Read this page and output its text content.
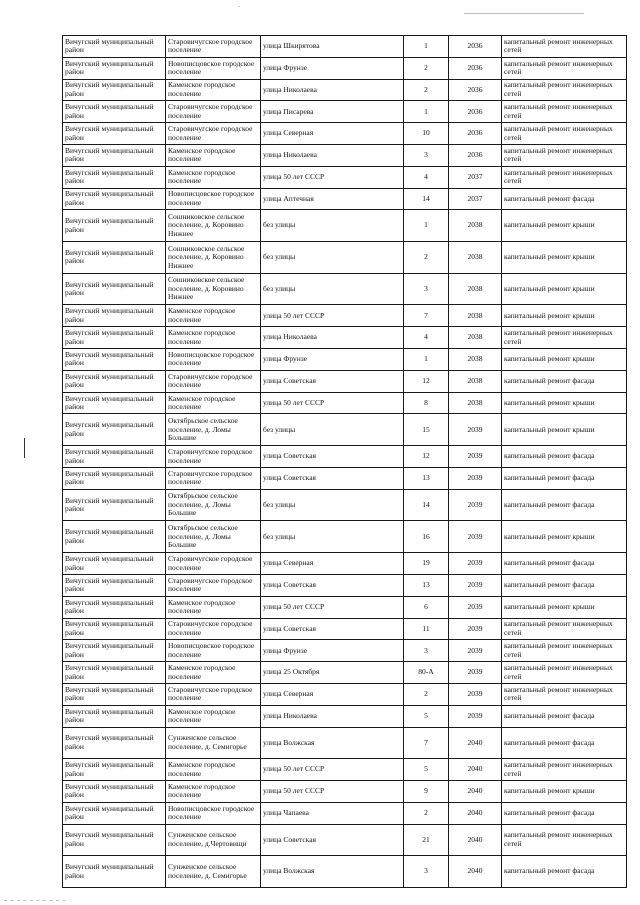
-
Вичугский муниципальный район	Старовичугское городское поселение	улица Шкирятова	1	2036	капитальный ремонт инженерных сетей
Вичугский муниципальный район	Новописцовское городское поселение	улица Фрунзе	2	2036	капитальный ремонт инженерных сетей
Вичугский муниципальный район	Каменское городское поселение	улица Николаева	2	2036	капитальный ремонт инженерных сетей
Вичугский муниципальный район	Старовичугское городское поселение	улица Писарева	1	2036	капитальный ремонт инженерных сетей
Вичугский муниципальный район	Старовичугское городское поселение	улица Северная	10	2036	капитальный ремонт инженерных сетей
Вичугский муниципальный район	Каменское городское поселение	улица Николаева	3	2036	капитальный ремонт инженерных сетей
Вичугский муниципальный район	Каменское городское поселение	улица 50 лет СССР	4	2037	капитальный ремонт инженерных сетей
Вичугский муниципальный район	Новописцовское городское поселение	улица Аптечная	14	2037	капитальный ремонт фасада
Вичугский муниципальный район	Сошниковское сельское поселение, д. Коровино Нижнее	без улицы	1	2038	капитальный ремонт крыши
Вичугский муниципальный район	Сошниковское сельское поселение, д. Коровино Нижнее	без улицы	2	2038	капитальный ремонт крыши
Вичугский муниципальный район	Сошниковское сельское поселение, д. Коровино Нижнее	без улицы	3	2038	капитальный ремонт крыши
Вичугский муниципальный район	Каменское городское поселение	улица 50 лет СССР	7	2038	капитальный ремонт крыши
Вичугский муниципальный район	Каменское городское поселение	улица Николаева	4	2038	капитальный ремонт инженерных сетей
Вичугский муниципальный район	Новописцовское городское поселение	улица Фрунзе	1	2038	капитальный ремонт крыши
Вичугский муниципальный район	Старовичугское городское поселение	улица Советская	12	2038	капитальный ремонт фасада
Вичугский муниципальный район	Каменское городское поселение	улица 50 лет СССР	8	2038	капитальный ремонт крыши
Вичугский муниципальный район	Октябрьское сельское поселение, д. Ломы Большие	без улицы	15	2039	капитальный ремонт крыши
Вичугский муниципальный район	Старовичугское городское поселение	улица Советская	12	2039	капитальный ремонт фасада
Вичугский муниципальный район	Старовичугское городское поселение	улица Советская	13	2039	капитальный ремонт фасада
Вичугский муниципальный район	Октябрьское сельское поселение, д. Ломы Большие	без улицы	14	2039	капитальный ремонт фасада
Вичугский муниципальный район	Октябрьское сельское поселение, д. Ломы Большие	без улицы	16	2039	капитальный ремонт крыши
Вичугский муниципальный район	Старовичугское городское поселение	улица Северная	19	2039	капитальный ремонт фасада
Вичугский муниципальный район	Старовичугское городское поселение	улица Советская	13	2039	капитальный ремонт фасада
Вичугский муниципальный район	Каменское городское поселение	улица 50 лет СССР	6	2039	капитальный ремонт крыши
Вичугский муниципальный район	Старовичугское городское поселение	улица Советская	11	2039	капитальный ремонт инженерных сетей
Вичугский муниципальный район	Новописцовское городское поселение	улица Фрунзе	3	2039	капитальный ремонт инженерных сетей
Вичугский муниципальный район	Каменское городское поселение	улица 25 Октября	80-А	2039	капитальный ремонт инженерных сетей
Вичугский муниципальный район	Старовичугское городское поселение	улица Северная	2	2039	капитальный ремонт инженерных сетей
Вичугский муниципальный район	Каменское городское поселение	улица Николаева	5	2039	капитальный ремонт фасада
Вичугский муниципальный район	Сунженское сельское поселение, д. Семигорье	улица Волжская	7	2040	капитальный ремонт фасада
Вичугский муниципальный район	Каменское городское поселение	улица 50 лет СССР	5	2040	капитальный ремонт инженерных сетей
Вичугский муниципальный район	Каменское городское поселение	улица 50 лет СССР	9	2040	капитальный ремонт крыши
Вичугский муниципальный район	Новописцовское городское поселение	улица Чапаева	2	2040	капитальный ремонт фасада
Вичугский муниципальный район	Сунженское сельское поселение, д.Чертовищи	улица Советская	21	2040	капитальный ремонт инженерных сетей
Вичугский муниципальный район	Сунженское сельское поселение, д. Семигорье	улица Волжская	3	2040	капитальный ремонт фасада
_ _ _ _ _ _ _ _ _ _
